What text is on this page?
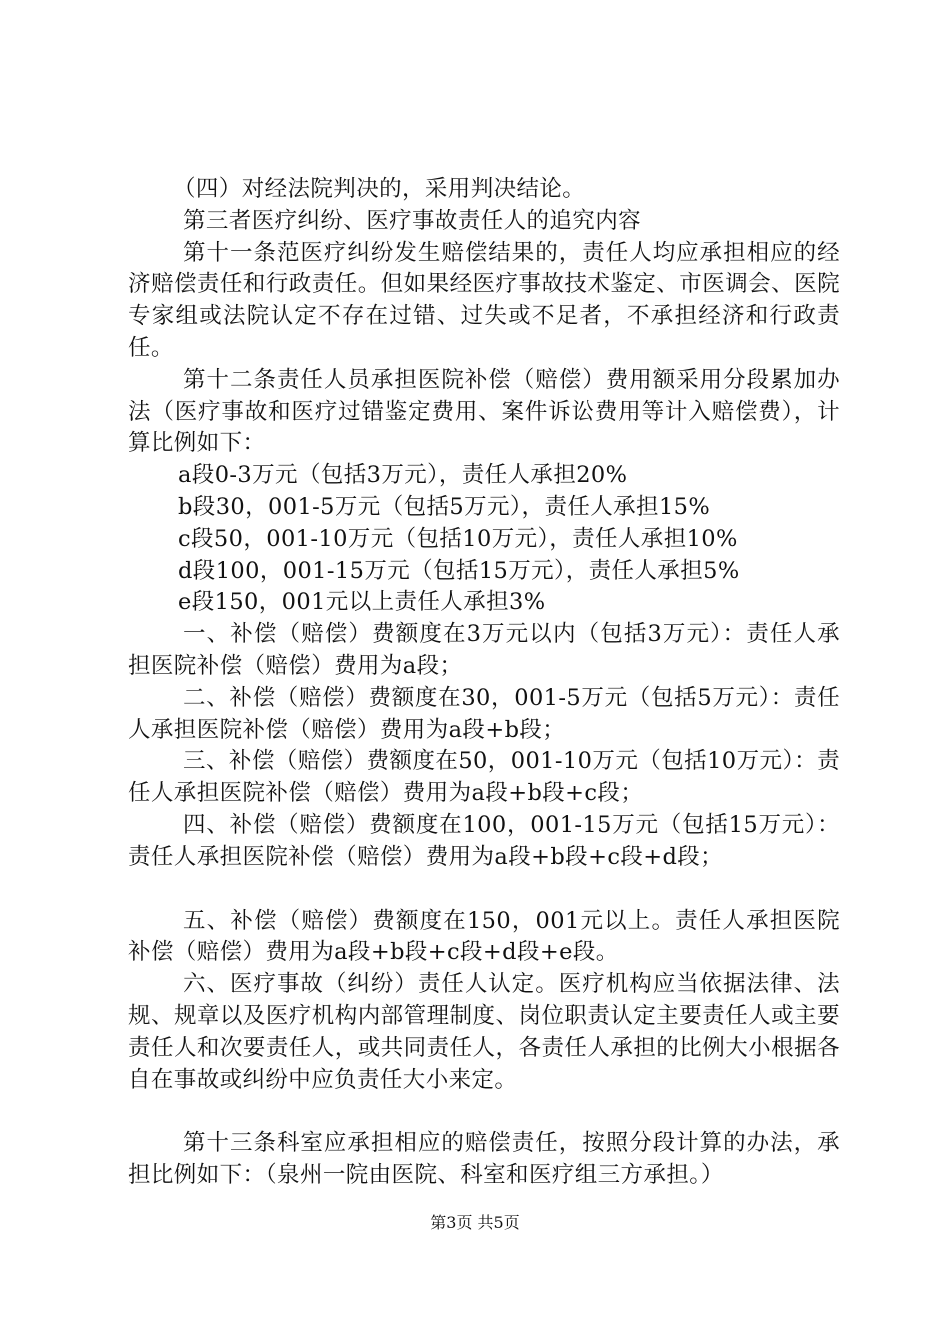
（四）对经法院判决的，采用判决结论。

第三者医疗纠纷、医疗事故责任人的追究内容

第十一条范医疗纠纷发生赔偿结果的，责任人均应承担相应的经济赔偿责任和行政责任。但如果经医疗事故技术鉴定、市医调会、医院专家组或法院认定不存在过错、过失或不足者，不承担经济和行政责任。

第十二条责任人员承担医院补偿（赔偿）费用额采用分段累加办法（医疗事故和医疗过错鉴定费用、案件诉讼费用等计入赔偿费），计算比例如下：

a段0-3万元（包括3万元），责任人承担20%

b段30，001-5万元（包括5万元），责任人承担15%

c段50，001-10万元（包括10万元），责任人承担10%

d段100，001-15万元（包括15万元），责任人承担5%

e段150，001元以上责任人承担3%

一、补偿（赔偿）费额度在3万元以内（包括3万元）：责任人承担医院补偿（赔偿）费用为a段；

二、补偿（赔偿）费额度在30，001-5万元（包括5万元）：责任人承担医院补偿（赔偿）费用为a段+b段；

三、补偿（赔偿）费额度在50，001-10万元（包括10万元）：责任人承担医院补偿（赔偿）费用为a段+b段+c段；

四、补偿（赔偿）费额度在100，001-15万元（包括15万元）：责任人承担医院补偿（赔偿）费用为a段+b段+c段+d段；

五、补偿（赔偿）费额度在150，001元以上。责任人承担医院补偿（赔偿）费用为a段+b段+c段+d段+e段。

六、医疗事故（纠纷）责任人认定。医疗机构应当依据法律、法规、规章以及医疗机构内部管理制度、岗位职责认定主要责任人或主要责任人和次要责任人，或共同责任人，各责任人承担的比例大小根据各自在事故或纠纷中应负责任大小来定。

第十三条科室应承担相应的赔偿责任，按照分段计算的办法，承担比例如下：（泉州一院由医院、科室和医疗组三方承担。）

第3页 共5页
